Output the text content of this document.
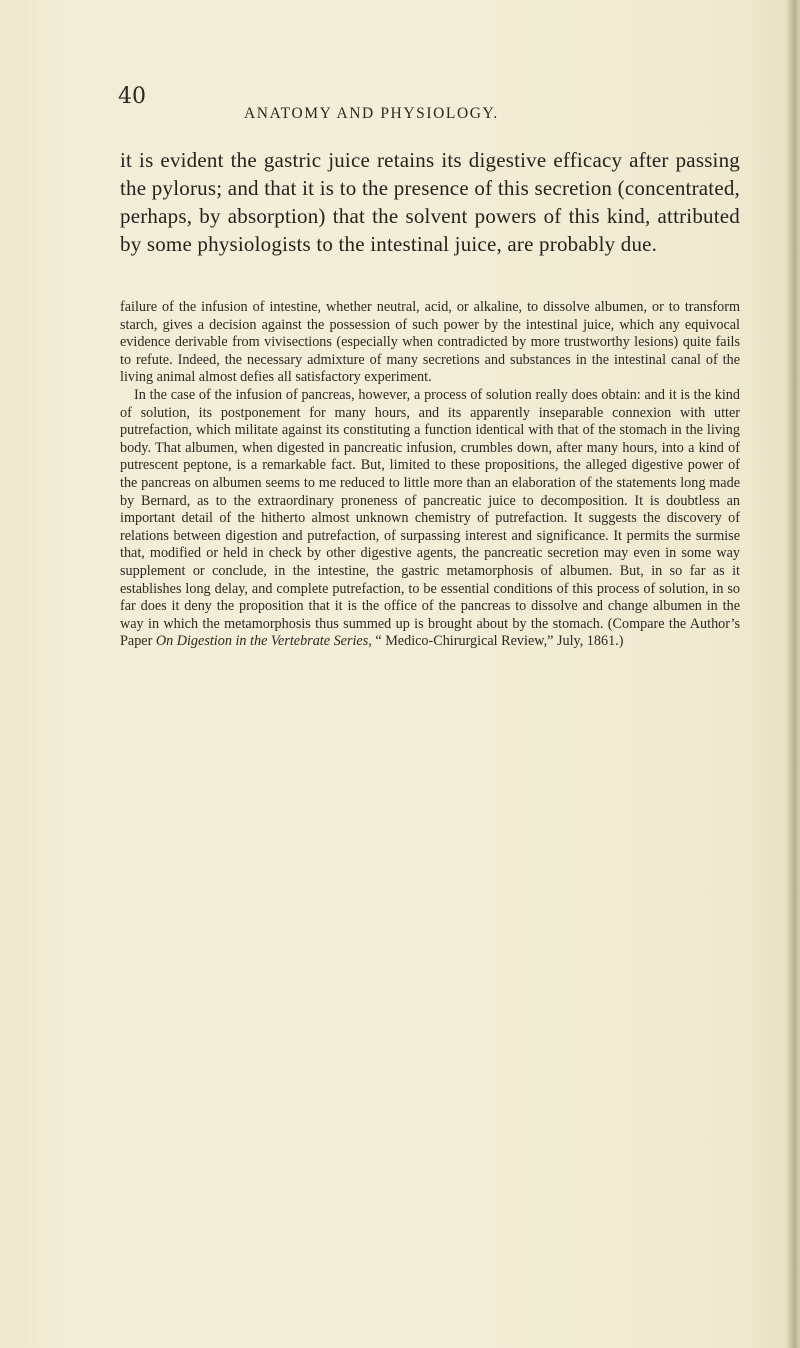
40
ANATOMY AND PHYSIOLOGY.

it is evident the gastric juice retains its digestive efficacy after passing the pylorus; and that it is to the presence of this secretion (concentrated, perhaps, by absorption) that the solvent powers of this kind, attributed by some physiologists to the intestinal juice, are probably due.

failure of the infusion of intestine, whether neutral, acid, or alkaline, to dissolve albumen, or to transform starch, gives a decision against the possession of such power by the intestinal juice, which any equivocal evidence derivable from vivisections (especially when contradicted by more trustworthy lesions) quite fails to refute. Indeed, the necessary admixture of many secretions and substances in the intestinal canal of the living animal almost defies all satisfactory experiment.

In the case of the infusion of pancreas, however, a process of solution really does obtain: and it is the kind of solution, its postponement for many hours, and its apparently inseparable connexion with utter putrefaction, which militate against its constituting a function identical with that of the stomach in the living body. That albumen, when digested in pancreatic infusion, crumbles down, after many hours, into a kind of putrescent peptone, is a remarkable fact. But, limited to these propositions, the alleged digestive power of the pancreas on albumen seems to me reduced to little more than an elaboration of the statements long made by Bernard, as to the extraordinary proneness of pancreatic juice to decomposition. It is doubtless an important detail of the hitherto almost unknown chemistry of putrefaction. It suggests the discovery of relations between digestion and putrefaction, of surpassing interest and significance. It permits the surmise that, modified or held in check by other digestive agents, the pancreatic secretion may even in some way supplement or conclude, in the intestine, the gastric metamorphosis of albumen. But, in so far as it establishes long delay, and complete putrefaction, to be essential conditions of this process of solution, in so far does it deny the proposition that it is the office of the pancreas to dissolve and change albumen in the way in which the metamorphosis thus summed up is brought about by the stomach. (Compare the Author’s Paper On Digestion in the Vertebrate Series, “ Medico-Chirurgical Review,” July, 1861.)
